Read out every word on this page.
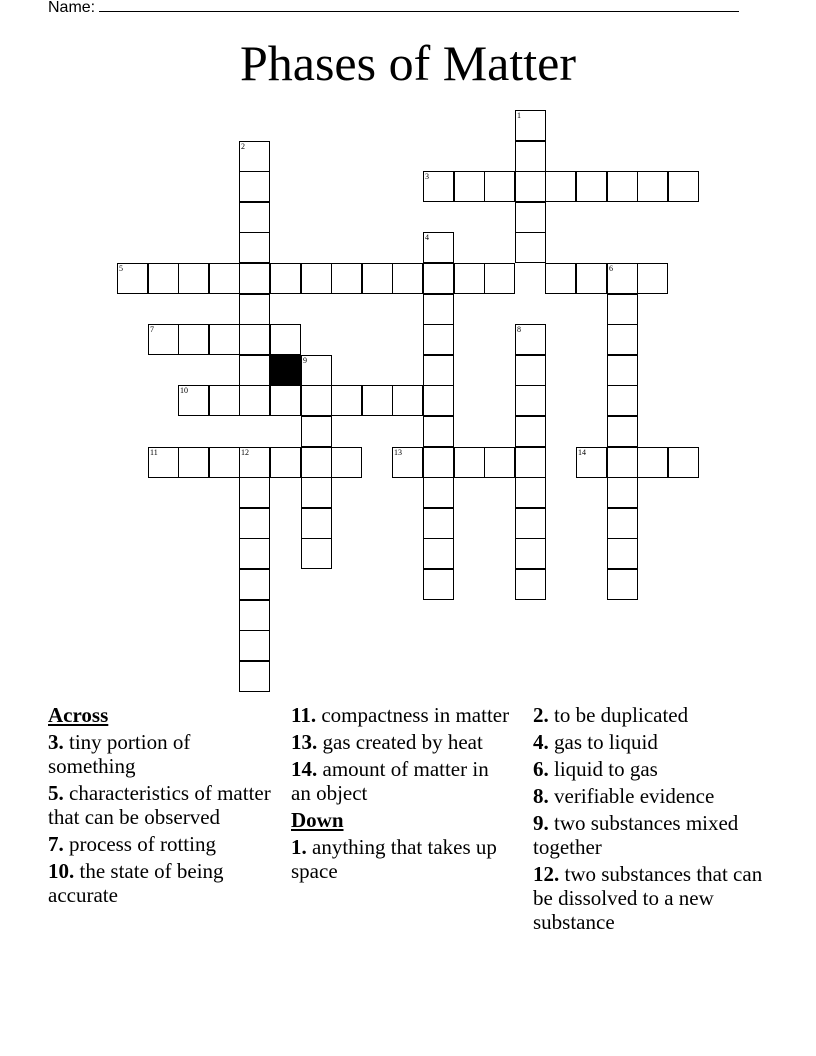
Name:
Phases of Matter
1
2
3
4
5	6
7	8
9
10
11	12	13	14
Across
3. tiny portion of something
5. characteristics of matter that can be observed
7. process of rotting
10. the state of being accurate
11. compactness in matter
13. gas created by heat
14. amount of matter in an object
Down
1. anything that takes up space
2. to be duplicated
4. gas to liquid
6. liquid to gas
8. verifiable evidence
9. two substances mixed together
12. two substances that can be dissolved to a new substance
